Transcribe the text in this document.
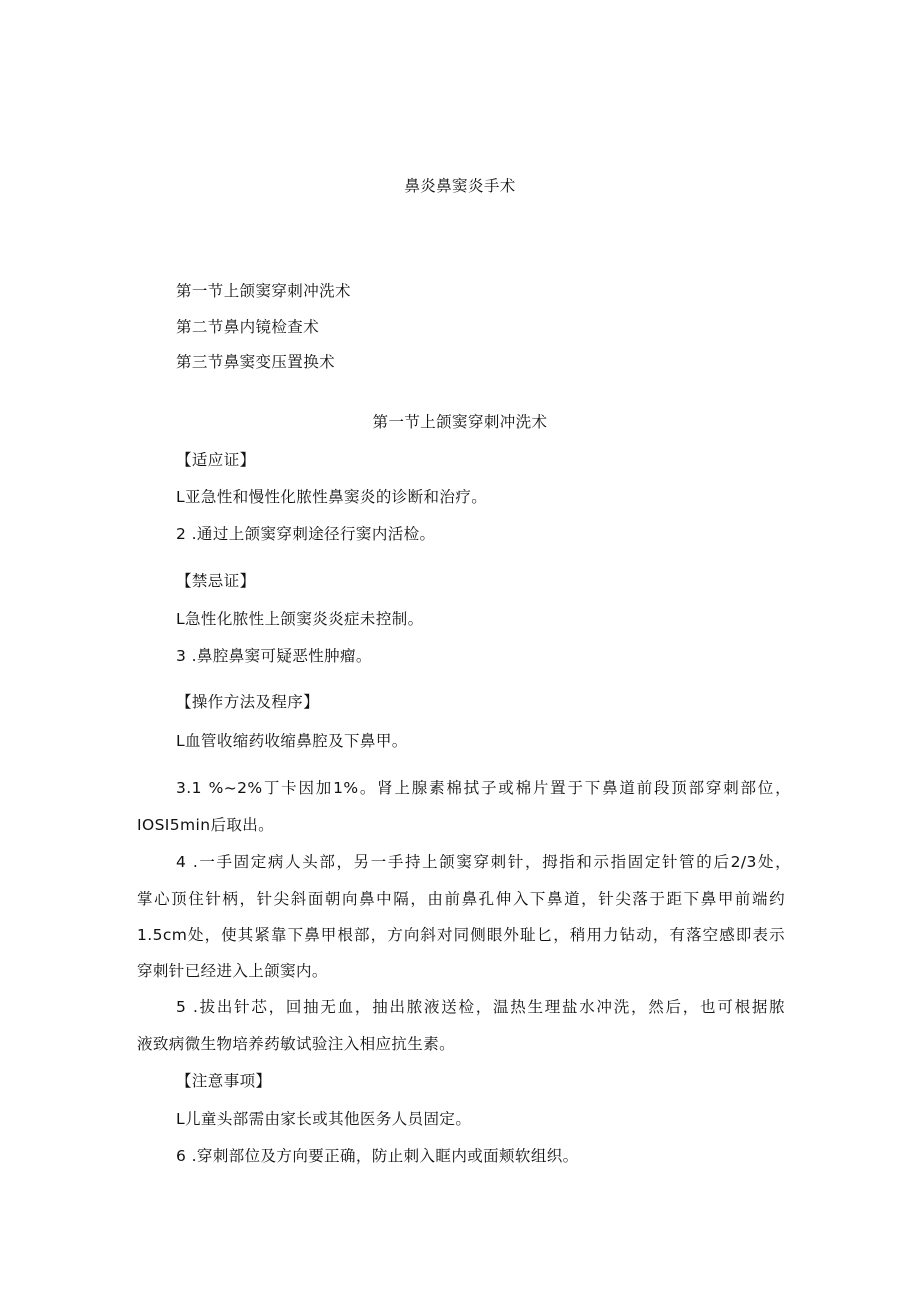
鼻炎鼻窦炎手术
第一节上颌窦穿刺冲洗术
第二节鼻内镜检查术
第三节鼻窦变压置换术
第一节上颌窦穿刺冲洗术
【适应证】
L亚急性和慢性化脓性鼻窦炎的诊断和治疗。
2 .通过上颌窦穿刺途径行窦内活检。
【禁忌证】
L急性化脓性上颌窦炎炎症未控制。
3 .鼻腔鼻窦可疑恶性肿瘤。
【操作方法及程序】
L血管收缩药收缩鼻腔及下鼻甲。
3.1 %~2%丁卡因加1%。肾上腺素棉拭子或棉片置于下鼻道前段顶部穿刺部位，
IOSI5min后取出。
4 .一手固定病人头部，另一手持上颌窦穿刺针，拇指和示指固定针管的后2/3处，
掌心顶住针柄，针尖斜面朝向鼻中隔，由前鼻孔伸入下鼻道，针尖落于距下鼻甲前端约
1.5cm处，使其紧靠下鼻甲根部，方向斜对同侧眼外耻匕，稍用力钻动，有落空感即表示
穿刺针已经进入上颌窦内。
5 .拔出针芯，回抽无血，抽出脓液送检，温热生理盐水冲洗，然后，也可根据脓
液致病微生物培养药敏试验注入相应抗生素。
【注意事项】
L儿童头部需由家长或其他医务人员固定。
6 .穿刺部位及方向要正确，防止刺入眶内或面颊软组织。
